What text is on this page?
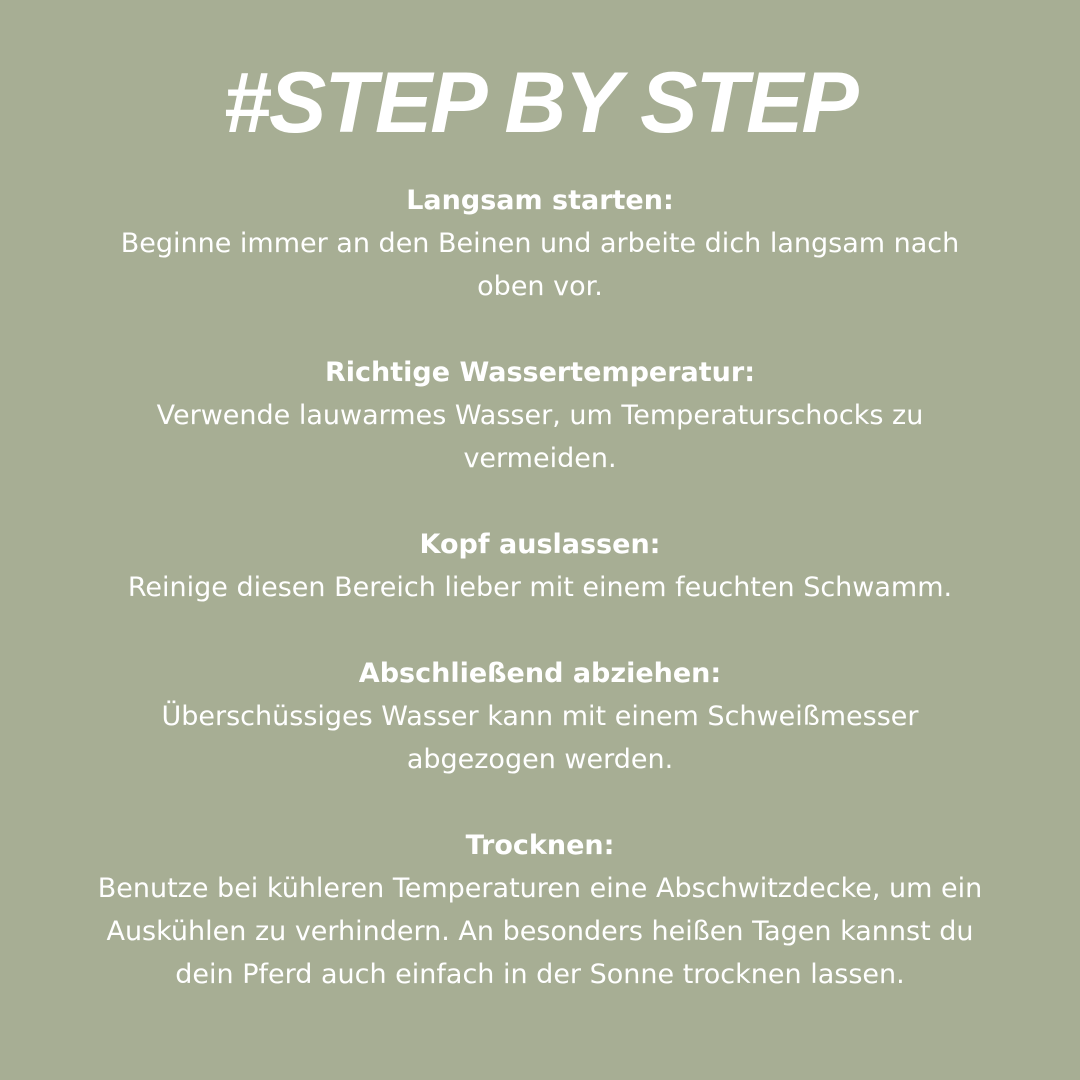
#STEP BY STEP
Langsam starten:
Beginne immer an den Beinen und arbeite dich langsam nach
oben vor.
Richtige Wassertemperatur:
Verwende lauwarmes Wasser, um Temperaturschocks zu
vermeiden.
Kopf auslassen:
Reinige diesen Bereich lieber mit einem feuchten Schwamm.
Abschließend abziehen:
Überschüssiges Wasser kann mit einem Schweißmesser
abgezogen werden.
Trocknen:
Benutze bei kühleren Temperaturen eine Abschwitzdecke, um ein
Auskühlen zu verhindern. An besonders heißen Tagen kannst du
dein Pferd auch einfach in der Sonne trocknen lassen.
